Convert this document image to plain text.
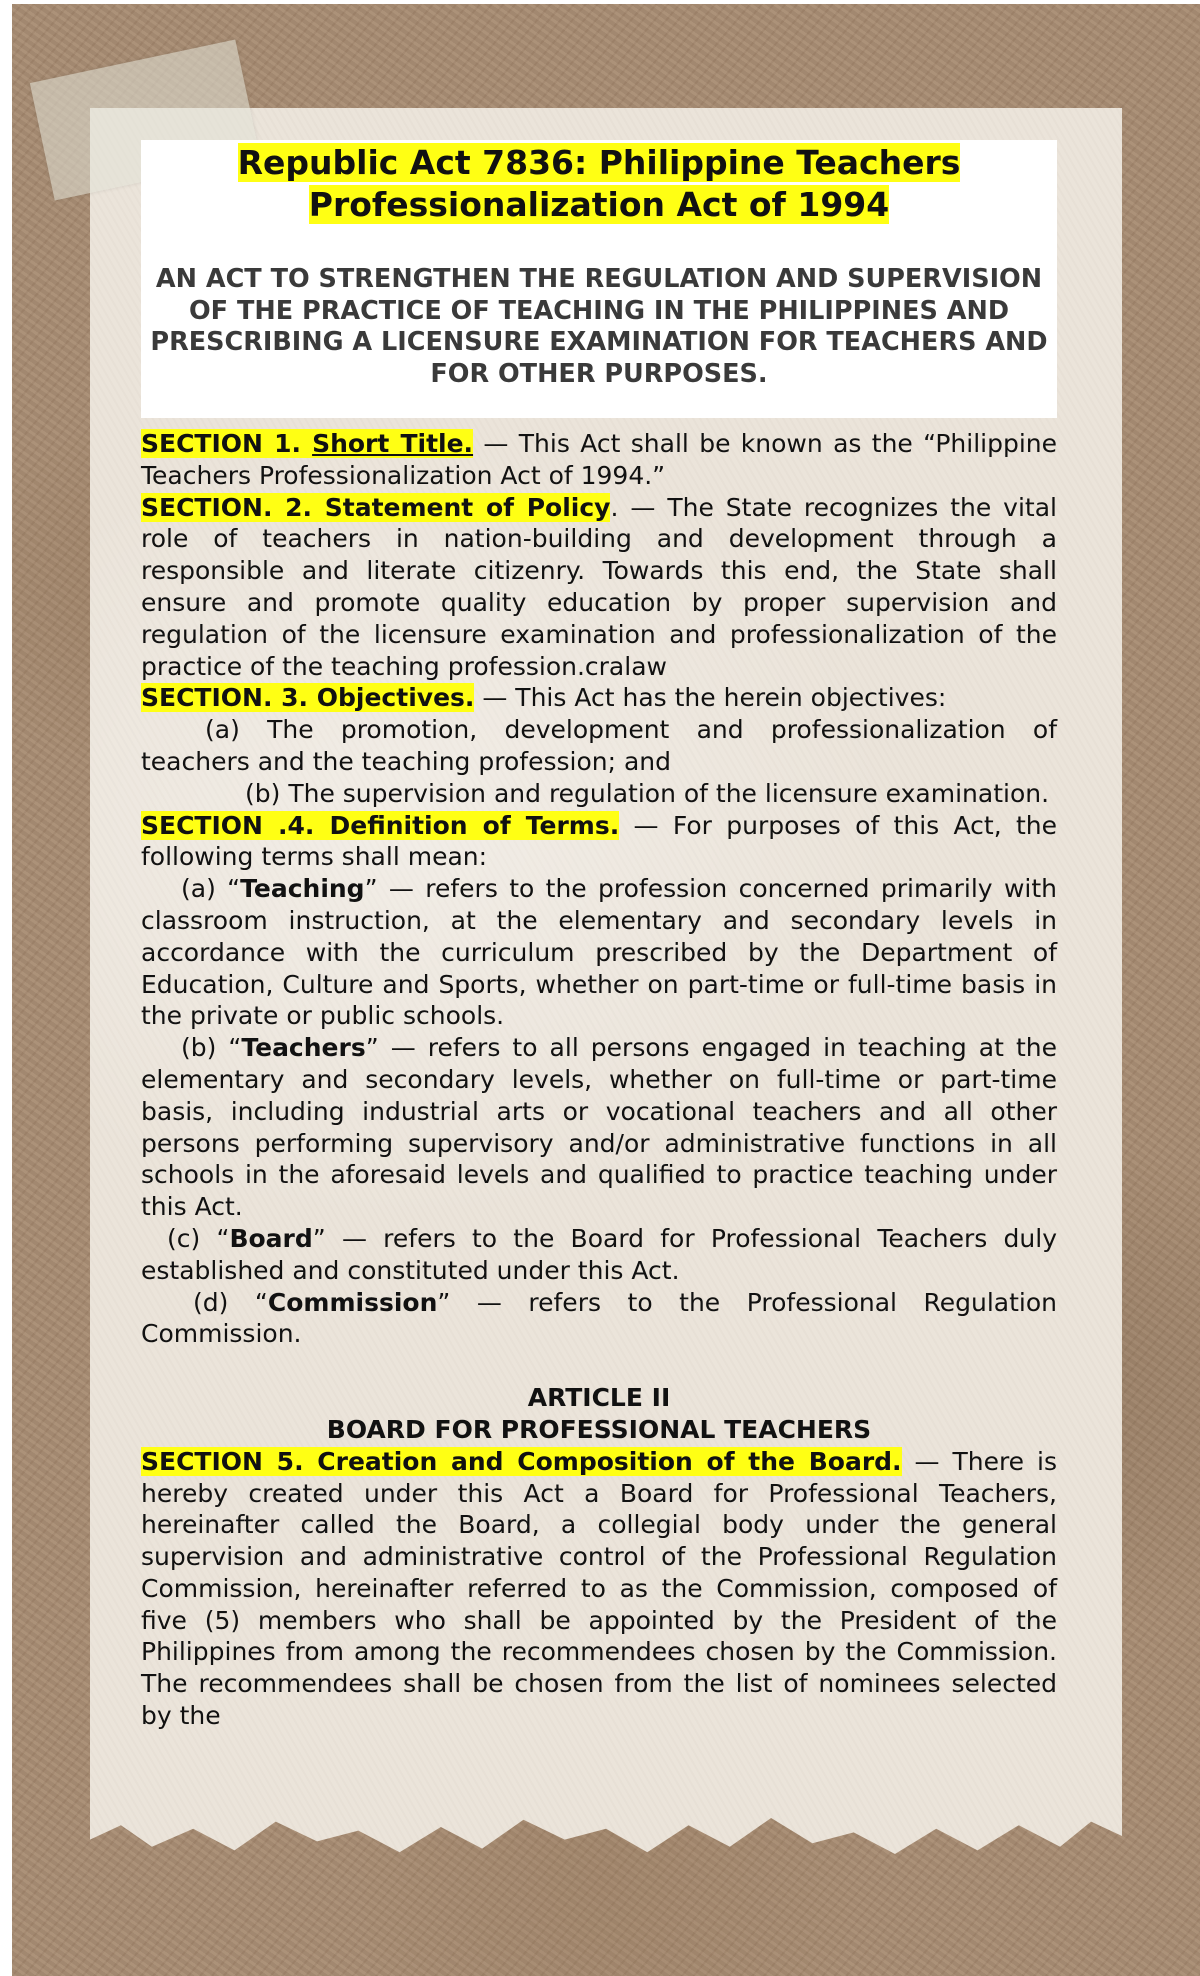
Republic Act 7836: Philippine Teachers Professionalization Act of 1994

AN ACT TO STRENGTHEN THE REGULATION AND SUPERVISION OF THE PRACTICE OF TEACHING IN THE PHILIPPINES AND PRESCRIBING A LICENSURE EXAMINATION FOR TEACHERS AND FOR OTHER PURPOSES.

SECTION 1. Short Title. — This Act shall be known as the “Philippine Teachers Professionalization Act of 1994.”

SECTION. 2. Statement of Policy. — The State recognizes the vital role of teachers in nation-building and development through a responsible and literate citizenry. Towards this end, the State shall ensure and promote quality education by proper supervision and regulation of the licensure examination and professionalization of the practice of the teaching profession.cralaw

SECTION. 3. Objectives. — This Act has the herein objectives:

(a) The promotion, development and professionalization of teachers and the teaching profession; and

(b) The supervision and regulation of the licensure examination.

SECTION .4. Definition of Terms. — For purposes of this Act, the following terms shall mean:

(a) “Teaching” — refers to the profession concerned primarily with classroom instruction, at the elementary and secondary levels in accordance with the curriculum prescribed by the Department of Education, Culture and Sports, whether on part-time or full-time basis in the private or public schools.

(b) “Teachers” — refers to all persons engaged in teaching at the elementary and secondary levels, whether on full-time or part-time basis, including industrial arts or vocational teachers and all other persons performing supervisory and/or administrative functions in all schools in the aforesaid levels and qualified to practice teaching under this Act.

(c) “Board” — refers to the Board for Professional Teachers duly established and constituted under this Act.

(d) “Commission” — refers to the Professional Regulation Commission.

ARTICLE II

BOARD FOR PROFESSIONAL TEACHERS

SECTION 5. Creation and Composition of the Board. — There is hereby created under this Act a Board for Professional Teachers, hereinafter called the Board, a collegial body under the general supervision and administrative control of the Professional Regulation Commission, hereinafter referred to as the Commission, composed of five (5) members who shall be appointed by the President of the Philippines from among the recommendees chosen by the Commission. The recommendees shall be chosen from the list of nominees selected by the
